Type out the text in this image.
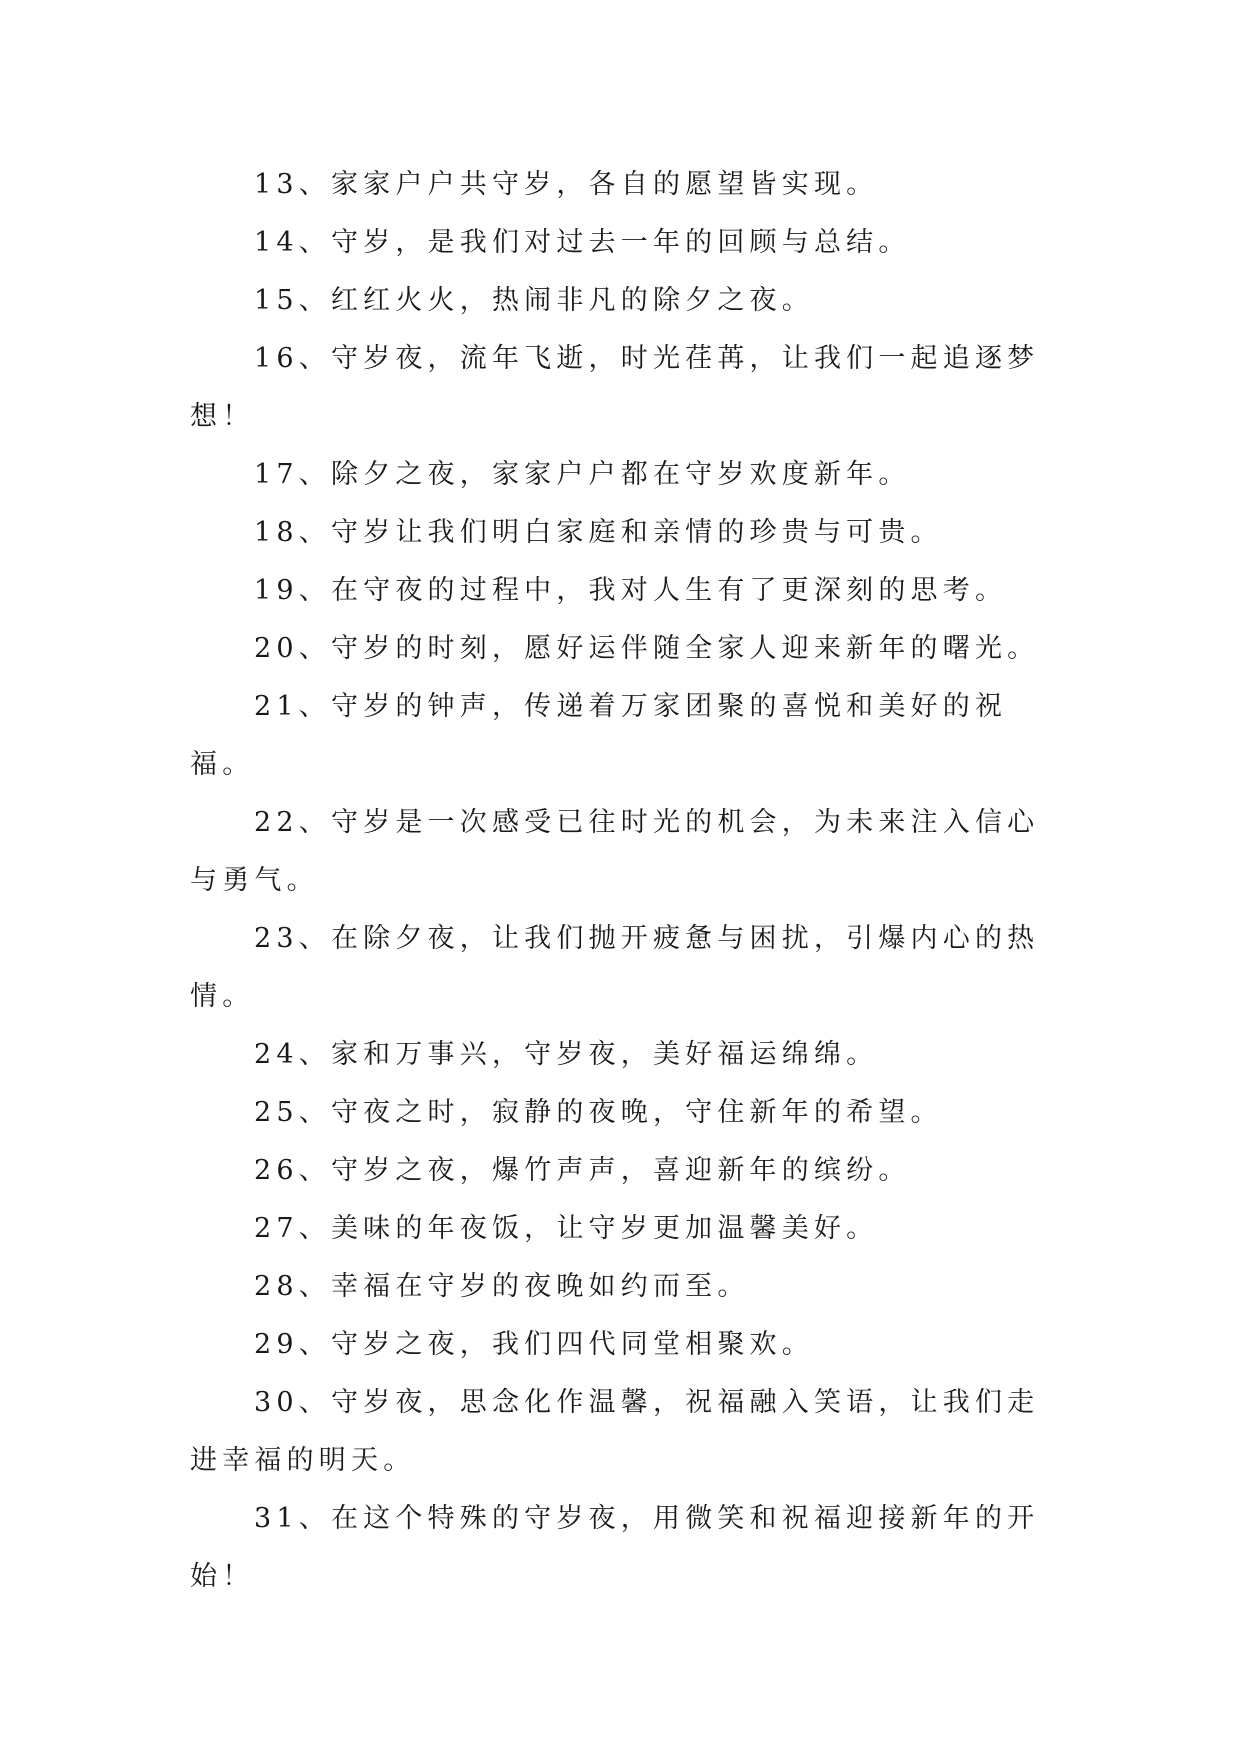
13、家家户户共守岁，各自的愿望皆实现。

14、守岁，是我们对过去一年的回顾与总结。

15、红红火火，热闹非凡的除夕之夜。

16、守岁夜，流年飞逝，时光荏苒，让我们一起追逐梦想！

17、除夕之夜，家家户户都在守岁欢度新年。

18、守岁让我们明白家庭和亲情的珍贵与可贵。

19、在守夜的过程中，我对人生有了更深刻的思考。

20、守岁的时刻，愿好运伴随全家人迎来新年的曙光。

21、守岁的钟声，传递着万家团聚的喜悦和美好的祝福。

22、守岁是一次感受已往时光的机会，为未来注入信心与勇气。

23、在除夕夜，让我们抛开疲惫与困扰，引爆内心的热情。

24、家和万事兴，守岁夜，美好福运绵绵。

25、守夜之时，寂静的夜晚，守住新年的希望。

26、守岁之夜，爆竹声声，喜迎新年的缤纷。

27、美味的年夜饭，让守岁更加温馨美好。

28、幸福在守岁的夜晚如约而至。

29、守岁之夜，我们四代同堂相聚欢。

30、守岁夜，思念化作温馨，祝福融入笑语，让我们走进幸福的明天。

31、在这个特殊的守岁夜，用微笑和祝福迎接新年的开始！
